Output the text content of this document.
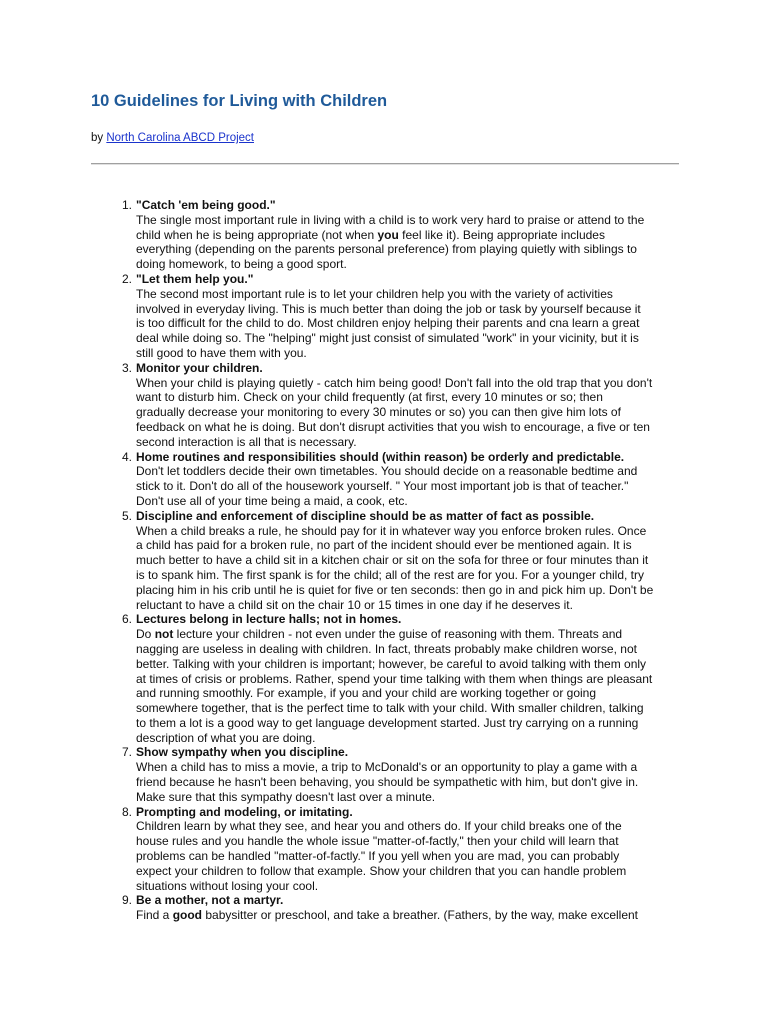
10 Guidelines for Living with Children
by North Carolina ABCD Project
1. "Catch 'em being good."
The single most important rule in living with a child is to work very hard to praise or attend to the
child when he is being appropriate (not when you feel like it). Being appropriate includes
everything (depending on the parents personal preference) from playing quietly with siblings to
doing homework, to being a good sport.
2. "Let them help you."
The second most important rule is to let your children help you with the variety of activities
involved in everyday living. This is much better than doing the job or task by yourself because it
is too difficult for the child to do. Most children enjoy helping their parents and cna learn a great
deal while doing so. The "helping" might just consist of simulated "work" in your vicinity, but it is
still good to have them with you.
3. Monitor your children.
When your child is playing quietly - catch him being good! Don't fall into the old trap that you don't
want to disturb him. Check on your child frequently (at first, every 10 minutes or so; then
gradually decrease your monitoring to every 30 minutes or so) you can then give him lots of
feedback on what he is doing. But don't disrupt activities that you wish to encourage, a five or ten
second interaction is all that is necessary.
4. Home routines and responsibilities should (within reason) be orderly and predictable.
Don't let toddlers decide their own timetables. You should decide on a reasonable bedtime and
stick to it. Don't do all of the housework yourself. " Your most important job is that of teacher."
Don't use all of your time being a maid, a cook, etc.
5. Discipline and enforcement of discipline should be as matter of fact as possible.
When a child breaks a rule, he should pay for it in whatever way you enforce broken rules. Once
a child has paid for a broken rule, no part of the incident should ever be mentioned again. It is
much better to have a child sit in a kitchen chair or sit on the sofa for three or four minutes than it
is to spank him. The first spank is for the child; all of the rest are for you. For a younger child, try
placing him in his crib until he is quiet for five or ten seconds: then go in and pick him up. Don't be
reluctant to have a child sit on the chair 10 or 15 times in one day if he deserves it.
6. Lectures belong in lecture halls; not in homes.
Do not lecture your children - not even under the guise of reasoning with them. Threats and
nagging are useless in dealing with children. In fact, threats probably make children worse, not
better. Talking with your children is important; however, be careful to avoid talking with them only
at times of crisis or problems. Rather, spend your time talking with them when things are pleasant
and running smoothly. For example, if you and your child are working together or going
somewhere together, that is the perfect time to talk with your child. With smaller children, talking
to them a lot is a good way to get language development started. Just try carrying on a running
description of what you are doing.
7. Show sympathy when you discipline.
When a child has to miss a movie, a trip to McDonald's or an opportunity to play a game with a
friend because he hasn't been behaving, you should be sympathetic with him, but don't give in.
Make sure that this sympathy doesn't last over a minute.
8. Prompting and modeling, or imitating.
Children learn by what they see, and hear you and others do. If your child breaks one of the
house rules and you handle the whole issue "matter-of-factly," then your child will learn that
problems can be handled "matter-of-factly." If you yell when you are mad, you can probably
expect your children to follow that example. Show your children that you can handle problem
situations without losing your cool.
9. Be a mother, not a martyr.
Find a good babysitter or preschool, and take a breather. (Fathers, by the way, make excellent
